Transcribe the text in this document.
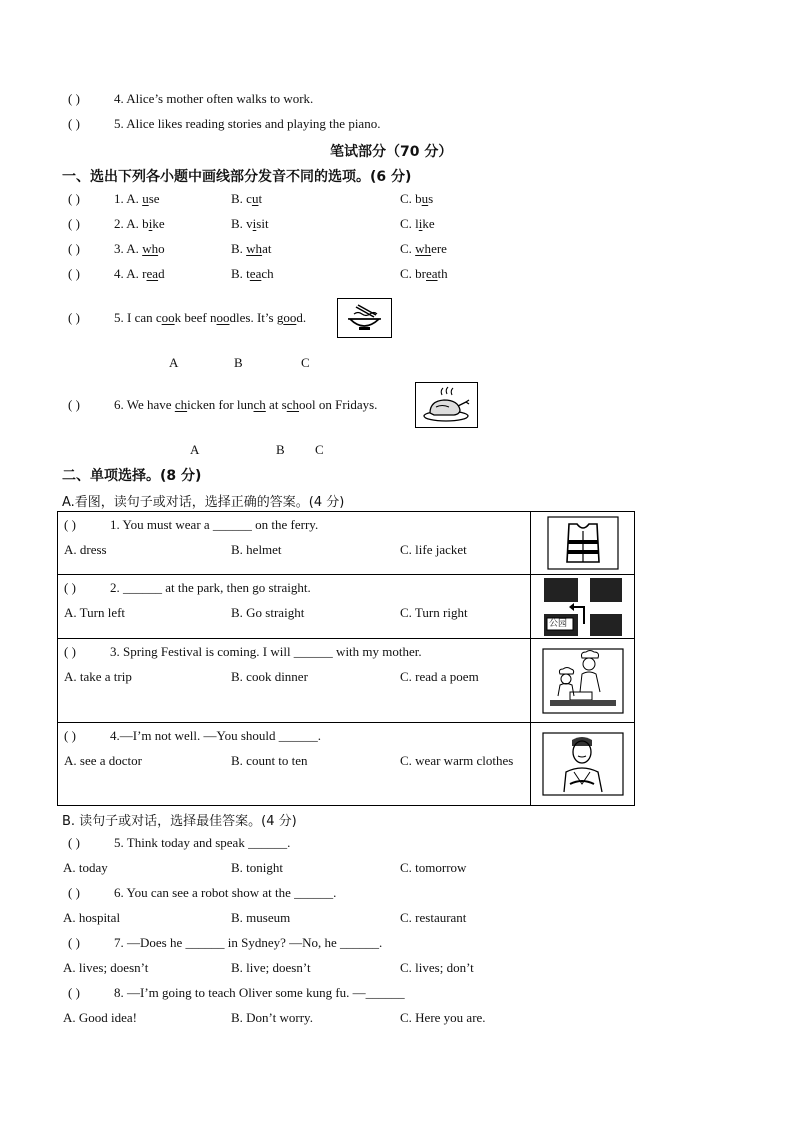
( )	4. Alice’s mother often walks to work.
( )	5. Alice likes reading stories and playing the piano.
笔试部分（70 分）
一、选出下列各小题中画线部分发音不同的选项。(6 分)
( )	1. A. use	B. cut	C. bus
( )	2. A. bike	B. visit	C. like
( )	3. A. who	B. what	C. where
( )	4. A. read	B. teach	C. breath
( )	5. I can cook beef noodles. It’s good.
A	B	C
( )	6. We have chicken for lunch at school on Fridays.
A	B C
二、单项选择。(8 分)
A.看图，读句子或对话，选择正确的答案。(4 分)
( )	1. You must wear a ______ on the ferry.
A. dress	B. helmet	C. life jacket
( )	2. ______ at the park, then go straight.
A. Turn left	B. Go straight	C. Turn right
公园
( )	3. Spring Festival is coming. I will ______ with my mother.
A. take a trip	B. cook dinner	C. read a poem
( )	4.—I’m not well. —You should ______.
A. see a doctor	B. count to ten	C. wear warm clothes
B. 读句子或对话，选择最佳答案。(4 分)
( )	5. Think today and speak ______.
A. today	B. tonight	C. tomorrow
( )	6. You can see a robot show at the ______.
A. hospital	B. museum	C. restaurant
( )	7. —Does he ______ in Sydney? —No, he ______.
A. lives; doesn’t	B. live; doesn’t	C. lives; don’t
( )	8. —I’m going to teach Oliver some kung fu. —______
A. Good idea!	B. Don’t worry.	C. Here you are.
